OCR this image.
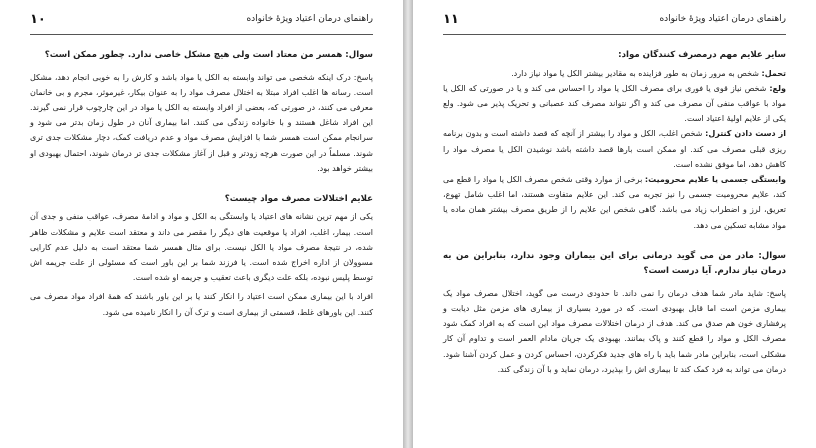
راهنمای درمان اعتیاد ویژۀ خانواده
۱۰

سوال: همسر من معتاد است ولی هیچ مشکل خاصی ندارد. چطور ممکن است؟

پاسخ: درک اینکه شخصی می تواند وابسته به الکل یا مواد باشد و کارش را به خوبی انجام دهد، مشکل است. رسانه ها اغلب افراد مبتلا به اختلال مصرف مواد را به عنوان بیکار، غیرموثر، مجرم و بی خانمان معرفی می کنند، در صورتی که، بعضی از افراد وابسته به الکل یا مواد در این چارچوب قرار نمی گیرند. این افراد شاغل هستند و با خانواده زندگی می کنند. اما بیماری آنان در طول زمان بدتر می شود و سرانجام ممکن است همسر شما با افزایش مصرف مواد و عدم دریافت کمک، دچار مشکلات جدی تری شوند. مسلماً در این صورت هرچه زودتر و قبل از آغاز مشکلات جدی تر درمان شوند، احتمال بهبودی او بیشتر خواهد بود.

علایم اختلالات مصرف مواد چیست؟

یکی از مهم ترین نشانه های اعتیاد یا وابستگی به الکل و مواد و ادامۀ مصرف، عواقب منفی و جدی آن است. بیمار، اغلب، افراد یا موقعیت های دیگر را مقصر می داند و معتقد است علایم و مشکلات ظاهر شده، در نتیجۀ مصرف مواد یا الکل نیست. برای مثال همسر شما معتقد است به دلیل عدم کارایی مسوولان از اداره اخراج شده است. یا فرزند شما بر این باور است که مسئولی از علت جریمه اش توسط پلیس نبوده، بلکه علت دیگری باعث تعقیب و جریمه او شده است.

افراد با این بیماری ممکن است اعتیاد را انکار کنند یا بر این باور باشند که همۀ افراد مواد مصرف می کنند. این باورهای غلط، قسمتی از بیماری است و ترک آن را انکار نامیده می شود.

راهنمای درمان اعتیاد ویژۀ خانواده
۱۱

سایر علایم مهم درمصرف کنندگان مواد:

تحمل: شخص به مرور زمان به طور فزاینده به مقادیر بیشتر الکل یا مواد نیاز دارد.

ولع: شخص نیاز قوی یا فوری برای مصرف الکل یا مواد را احساس می کند و یا در صورتی که الکل یا مواد با عواقب منفی آن مصرف می کند و اگر نتواند مصرف کند عصبانی و تحریک پذیر می شود. ولع یکی از علایم اولیۀ اعتیاد است.

از دست دادن کنترل: شخص اغلب، الکل و مواد را بیشتر از آنچه که قصد داشته است و بدون برنامه ریزی قبلی مصرف می کند. او ممکن است بارها قصد داشته باشد نوشیدن الکل یا مصرف مواد را کاهش دهد، اما موفق نشده است.

وابستگی جسمی یا علایم محرومیت: برخی از موارد وقتی شخص مصرف الکل یا مواد را قطع می کند، علایم محرومیت جسمی را نیز تجربه می کند. این علایم متفاوت هستند، اما اغلب شامل تهوع، تعریق، لرز و اضطراب زیاد می باشد. گاهی شخص این علایم را از طریق مصرف بیشتر همان ماده یا مواد مشابه تسکین می دهد.

سوال: مادر من می گوید درمانی برای این بیماران وجود ندارد، بنابراین من به درمان نیاز ندارم. آیا درست است؟

پاسخ: شاید مادر شما هدف درمان را نمی داند. تا حدودی درست می گوید، اختلال مصرف مواد یک بیماری مزمن است اما قابل بهبودی است. که در مورد بسیاری از بیماری های مزمن مثل دیابت و پرفشاری خون هم صدق می کند. هدف از درمان اختلالات مصرف مواد این است که به افراد کمک شود مصرف الکل و مواد را قطع کنند و پاک بمانند. بهبودی یک جریان مادام العمر است و تداوم آن کار مشکلی است، بنابراین مادر شما باید با راه های جدید فکرکردن، احساس کردن و عمل کردن آشنا شود. درمان می تواند به فرد کمک کند تا بیماری اش را بپذیرد، درمان نماید و با آن زندگی کند.
